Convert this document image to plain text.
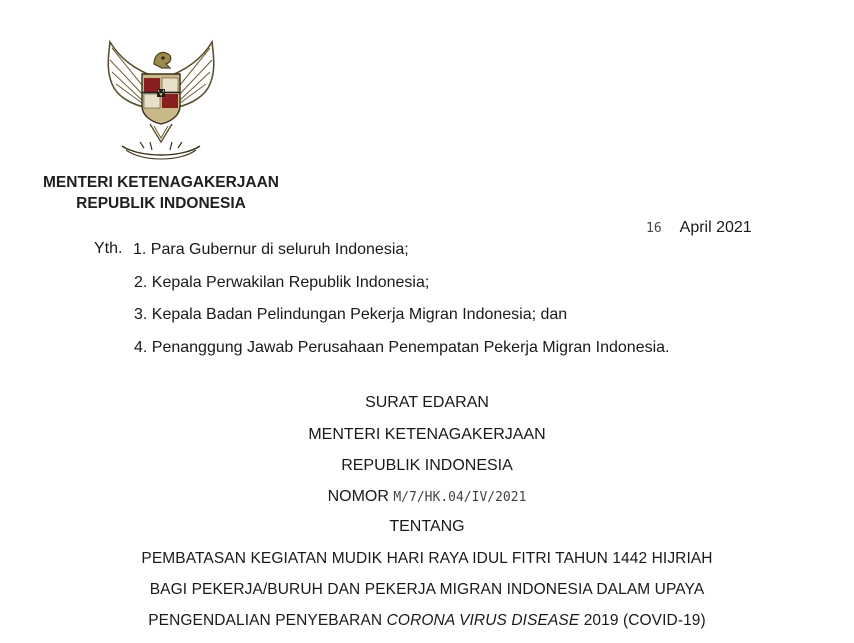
MENTERI KETENAGAKERJAAN
REPUBLIK INDONESIA
16 April 2021
Yth. 1. Para Gubernur di seluruh Indonesia;
2. Kepala Perwakilan Republik Indonesia;
3. Kepala Badan Pelindungan Pekerja Migran Indonesia; dan
4. Penanggung Jawab Perusahaan Penempatan Pekerja Migran Indonesia.
SURAT EDARAN
MENTERI KETENAGAKERJAAN
REPUBLIK INDONESIA
NOMOR M/7/HK.04/IV/2021
TENTANG
PEMBATASAN KEGIATAN MUDIK HARI RAYA IDUL FITRI TAHUN 1442 HIJRIAH
BAGI PEKERJA/BURUH DAN PEKERJA MIGRAN INDONESIA DALAM UPAYA
PENGENDALIAN PENYEBARAN CORONA VIRUS DISEASE 2019 (COVID-19)
